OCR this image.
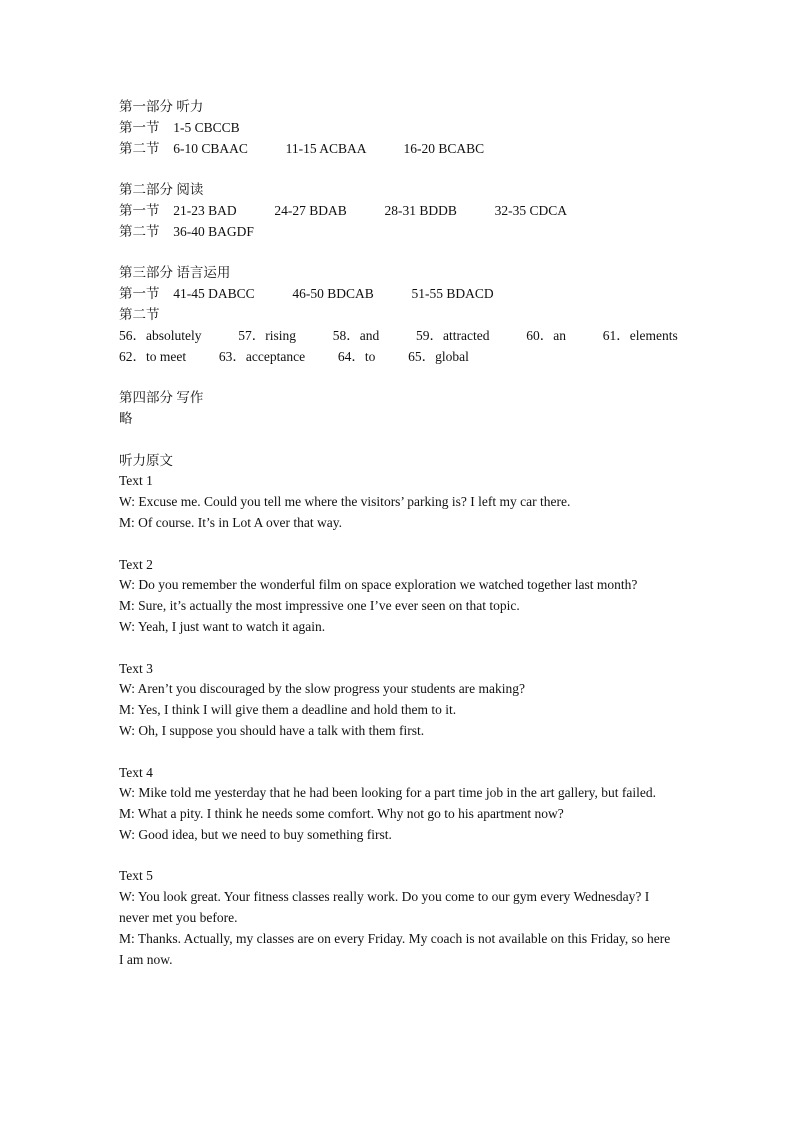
第一部分 听力
第一节 1-5 CBCCB
第二节 6-10 CBAAC	11-15 ACBAA	16-20 BCABC
第二部分 阅读
第一节 21-23 BAD	24-27 BDAB	28-31 BDDB	32-35 CDCA
第二节 36-40 BAGDF
第三部分 语言运用
第一节 41-45 DABCC	46-50 BDCAB	51-55 BDACD
第二节
56．absolutely	57．rising	58．and	59．attracted	60．an	61．elements
62．to meet 63．acceptance 64．to 65．global
第四部分 写作
略
听力原文
Text 1
W: Excuse me. Could you tell me where the visitors’ parking is? I left my car there.
M: Of course. It’s in Lot A over that way.
Text 2
W: Do you remember the wonderful film on space exploration we watched together last month?
M: Sure, it’s actually the most impressive one I’ve ever seen on that topic.
W: Yeah, I just want to watch it again.
Text 3
W: Aren’t you discouraged by the slow progress your students are making?
M: Yes, I think I will give them a deadline and hold them to it.
W: Oh, I suppose you should have a talk with them first.
Text 4
W: Mike told me yesterday that he had been looking for a part time job in the art gallery, but failed.
M: What a pity. I think he needs some comfort. Why not go to his apartment now?
W: Good idea, but we need to buy something first.
Text 5
W: You look great. Your fitness classes really work. Do you come to our gym every Wednesday? I never met you before.
M: Thanks. Actually, my classes are on every Friday. My coach is not available on this Friday, so here I am now.
